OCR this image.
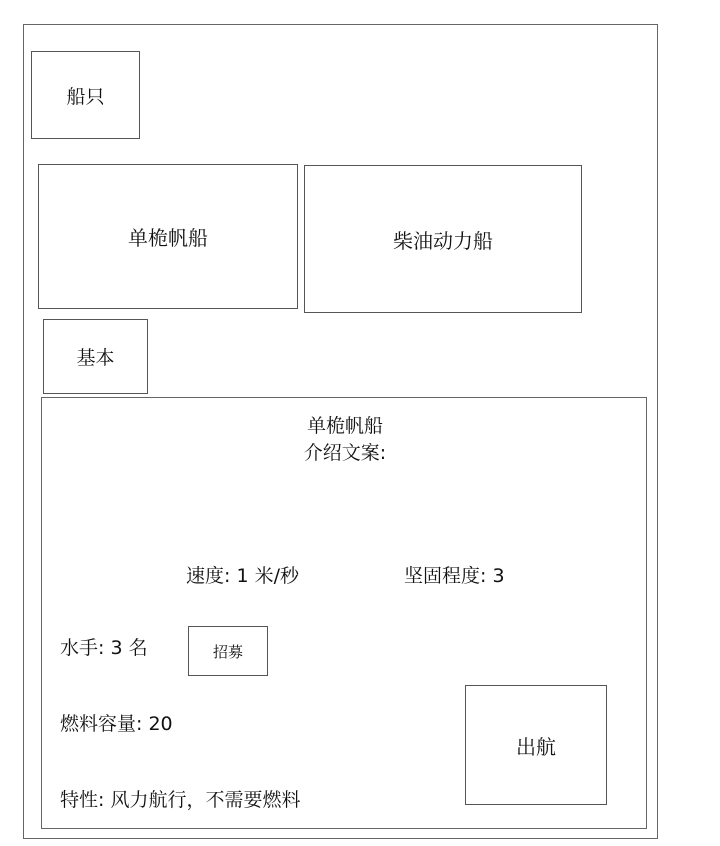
船只
单桅帆船	柴油动力船
基本
单桅帆船
介绍文案:
速度: 1 米/秒	坚固程度: 3
水手: 3 名
燃料容量: 20
特性: 风力航行，不需要燃料
招募
出航
